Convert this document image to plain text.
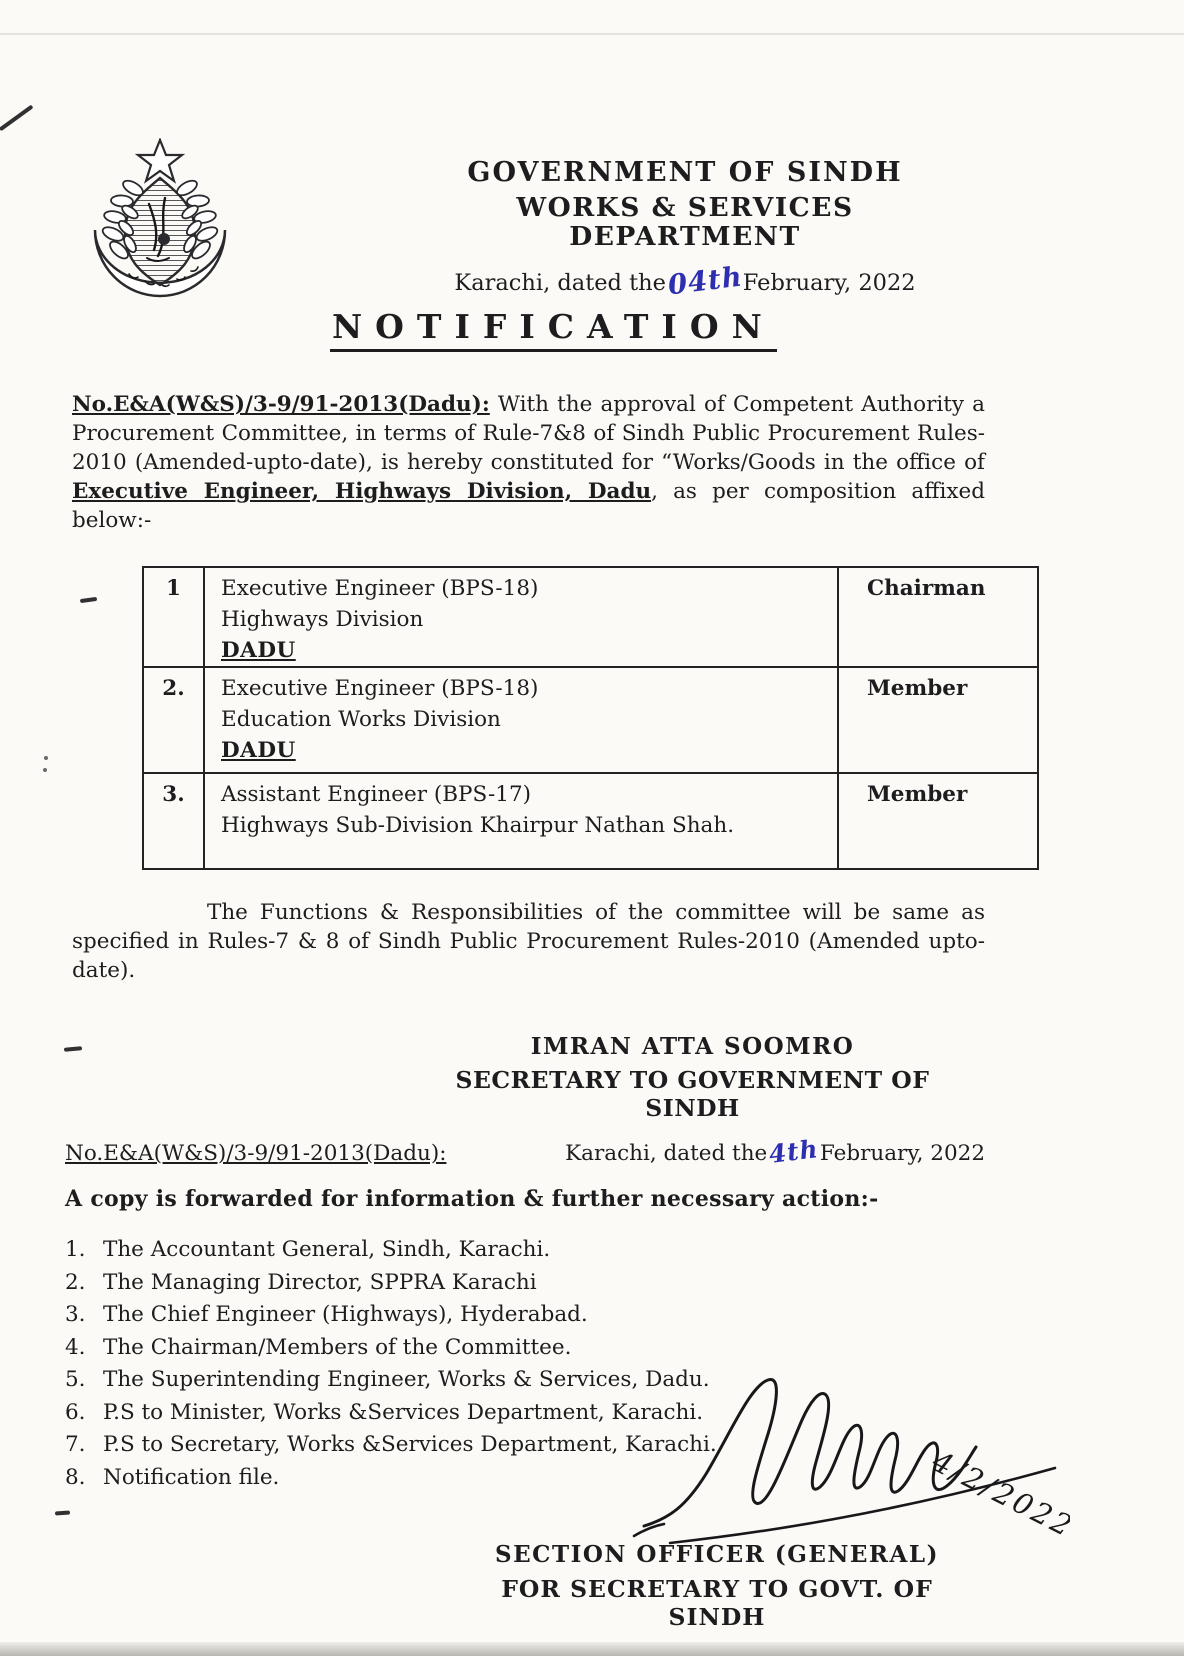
GOVERNMENT OF SINDH
WORKS & SERVICES DEPARTMENT
Karachi, dated the04thFebruary, 2022
NOTIFICATION
No.E&A(W&S)/3-9/91-2013(Dadu): With the approval of Competent Authority a Procurement Committee, in terms of Rule-7&8 of Sindh Public Procurement Rules-2010 (Amended-upto-date), is hereby constituted for “Works/Goods in the office of Executive Engineer, Highways Division, Dadu, as per composition affixed below:-
1	Executive Engineer (BPS-18)
Highways Division
DADU	Chairman
2.	Executive Engineer (BPS-18)
Education Works Division
DADU	Member
3.	Assistant Engineer (BPS-17)
Highways Sub-Division Khairpur Nathan Shah.	Member
The Functions & Responsibilities of the committee will be same as specified in Rules-7 & 8 of Sindh Public Procurement Rules-2010 (Amended upto-date).
IMRAN ATTA SOOMRO
SECRETARY TO GOVERNMENT OF SINDH
No.E&A(W&S)/3-9/91-2013(Dadu):	Karachi, dated the4thFebruary, 2022
A copy is forwarded for information & further necessary action:-
1. The Accountant General, Sindh, Karachi.
2. The Managing Director, SPPRA Karachi
3. The Chief Engineer (Highways), Hyderabad.
4. The Chairman/Members of the Committee.
5. The Superintending Engineer, Works & Services, Dadu.
6. P.S to Minister, Works &Services Department, Karachi.
7. P.S to Secretary, Works &Services Department, Karachi.
8. Notification file.	4/2/2022
SECTION OFFICER (GENERAL)
FOR SECRETARY TO GOVT. OF SINDH
